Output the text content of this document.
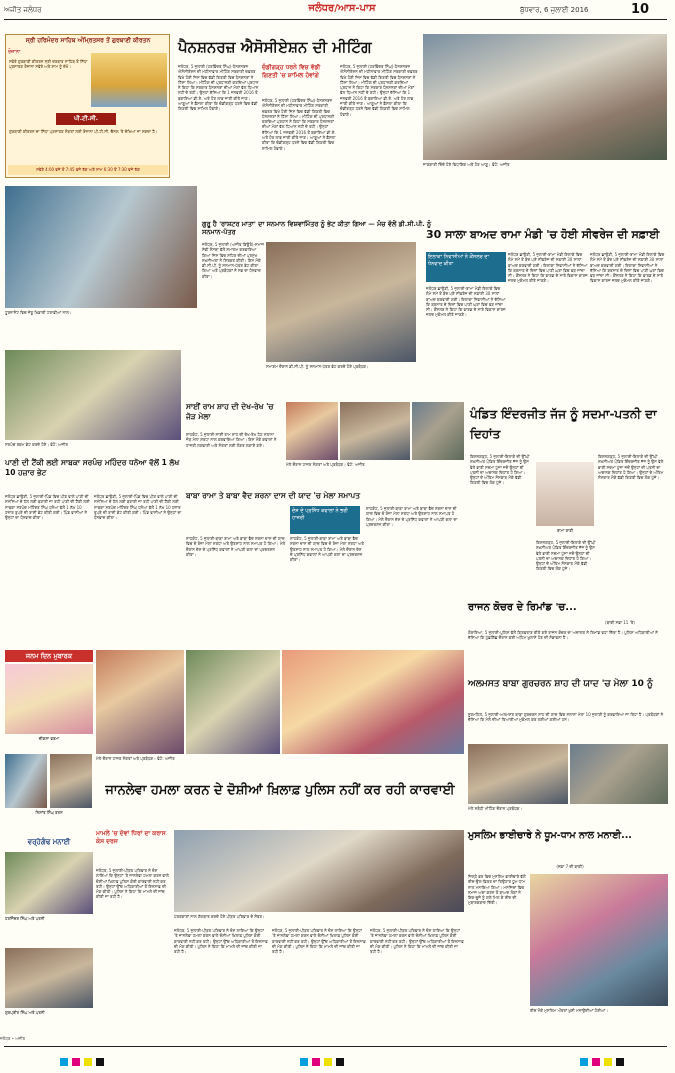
ਅਜੀਤ ਜਲੰਧਰ	ਜਲੰਧਰ/ਆਸ-ਪਾਸ	ਬੁੱਧਵਾਰ, 6 ਜੁਲਾਈ 2016	10
ਸ੍ਰੀ ਹਰਿਮੰਦਰ ਸਾਹਿਬ ਅੰਮ੍ਰਿਤਸਰ ਤੋਂ ਗੁਰਬਾਣੀ ਕੀਰਤਨ
ਰੋਜ਼ਾਨਾ
ਸਵੇਰੇ ਗੁਰਬਾਣੀ ਕੀਰਤਨ ਸ੍ਰੀ ਦਰਬਾਰ ਸਾਹਿਬ ਤੋਂ ਸਿੱਧਾ ਪ੍ਰਸਾਰਣ ਰੋਜ਼ਾਨਾ ਸਵੇਰੇ ਅਤੇ ਸ਼ਾਮ ਨੂੰ ਦੇਖੋ।
ਪੀ.ਟੀ.ਸੀ.
ਗੁਰਬਾਣੀ ਕੀਰਤਨ ਦਾ ਸਿੱਧਾ ਪ੍ਰਸਾਰਣ ਸੰਗਤਾਂ ਲਈ ਰੋਜ਼ਾਨਾ ਪੀ.ਟੀ.ਸੀ. ਚੈਨਲ 'ਤੇ ਦੇਖਿਆ ਜਾ ਸਕਦਾ ਹੈ।
ਸਵੇਰੇ 4:00 ਵਜੇ ਤੋਂ 7:45 ਵਜੇ ਤੱਕ ਅਤੇ ਸ਼ਾਮ 6:30 ਤੋਂ 7:30 ਵਜੇ ਤੱਕ
ਪੈਨਸ਼ਨਰਜ਼ ਐਸੋਸੀਏਸ਼ਨ ਦੀ ਮੀਟਿੰਗ
ਜਲੰਧਰ, 5 ਜੁਲਾਈ (ਹਰਵਿੰਦਰ ਸਿੰਘ)-ਪੈਨਸ਼ਨਰਜ਼ ਐਸੋਸੀਏਸ਼ਨ ਦੀ ਮਹੀਨਾਵਾਰ ਮੀਟਿੰਗ ਸਰਕਾਰੀ ਦਫ਼ਤਰ ਵਿਖੇ ਹੋਈ ਜਿਸ ਵਿਚ ਵੱਡੀ ਗਿਣਤੀ ਵਿਚ ਪੈਨਸ਼ਨਰਾਂ ਨੇ ਹਿੱਸਾ ਲਿਆ। ਮੀਟਿੰਗ ਦੀ ਪ੍ਰਧਾਨਗੀ ਕਰਦਿਆਂ ਪ੍ਰਧਾਨ ਨੇ ਕਿਹਾ ਕਿ ਸਰਕਾਰ ਪੈਨਸ਼ਨਰਾਂ ਦੀਆਂ ਮੰਗਾਂ ਵੱਲ ਧਿਆਨ ਨਹੀਂ ਦੇ ਰਹੀ। ਉਨ੍ਹਾਂ ਦੱਸਿਆ ਕਿ 1 ਜਨਵਰੀ 2016 ਤੋਂ ਬਕਾਇਆ ਡੀ.ਏ. ਅਤੇ ਹੋਰ ਲਾਭ ਜਾਰੀ ਕੀਤੇ ਜਾਣ। ਆਗੂਆਂ ਨੇ ਫ਼ੈਸਲਾ ਕੀਤਾ ਕਿ ਚੰਡੀਗੜ੍ਹ ਧਰਨੇ ਵਿਚ ਵੱਡੀ ਗਿਣਤੀ ਵਿਚ ਸ਼ਾਮਿਲ ਹੋਵਾਂਗੇ।
ਚੰਡੀਗੜ੍ਹ ਧਰਨੇ ਵਿਚ ਵੱਡੀ ਗਿਣਤੀ 'ਚ ਸ਼ਾਮਿਲ ਹੋਵਾਂਗੇ
ਜਲੰਧਰ, 5 ਜੁਲਾਈ (ਹਰਵਿੰਦਰ ਸਿੰਘ)-ਪੈਨਸ਼ਨਰਜ਼ ਐਸੋਸੀਏਸ਼ਨ ਦੀ ਮਹੀਨਾਵਾਰ ਮੀਟਿੰਗ ਸਰਕਾਰੀ ਦਫ਼ਤਰ ਵਿਖੇ ਹੋਈ ਜਿਸ ਵਿਚ ਵੱਡੀ ਗਿਣਤੀ ਵਿਚ ਪੈਨਸ਼ਨਰਾਂ ਨੇ ਹਿੱਸਾ ਲਿਆ। ਮੀਟਿੰਗ ਦੀ ਪ੍ਰਧਾਨਗੀ ਕਰਦਿਆਂ ਪ੍ਰਧਾਨ ਨੇ ਕਿਹਾ ਕਿ ਸਰਕਾਰ ਪੈਨਸ਼ਨਰਾਂ ਦੀਆਂ ਮੰਗਾਂ ਵੱਲ ਧਿਆਨ ਨਹੀਂ ਦੇ ਰਹੀ। ਉਨ੍ਹਾਂ ਦੱਸਿਆ ਕਿ 1 ਜਨਵਰੀ 2016 ਤੋਂ ਬਕਾਇਆ ਡੀ.ਏ. ਅਤੇ ਹੋਰ ਲਾਭ ਜਾਰੀ ਕੀਤੇ ਜਾਣ। ਆਗੂਆਂ ਨੇ ਫ਼ੈਸਲਾ ਕੀਤਾ ਕਿ ਚੰਡੀਗੜ੍ਹ ਧਰਨੇ ਵਿਚ ਵੱਡੀ ਗਿਣਤੀ ਵਿਚ ਸ਼ਾਮਿਲ ਹੋਵਾਂਗੇ।
ਜਲੰਧਰ, 5 ਜੁਲਾਈ (ਹਰਵਿੰਦਰ ਸਿੰਘ)-ਪੈਨਸ਼ਨਰਜ਼ ਐਸੋਸੀਏਸ਼ਨ ਦੀ ਮਹੀਨਾਵਾਰ ਮੀਟਿੰਗ ਸਰਕਾਰੀ ਦਫ਼ਤਰ ਵਿਖੇ ਹੋਈ ਜਿਸ ਵਿਚ ਵੱਡੀ ਗਿਣਤੀ ਵਿਚ ਪੈਨਸ਼ਨਰਾਂ ਨੇ ਹਿੱਸਾ ਲਿਆ। ਮੀਟਿੰਗ ਦੀ ਪ੍ਰਧਾਨਗੀ ਕਰਦਿਆਂ ਪ੍ਰਧਾਨ ਨੇ ਕਿਹਾ ਕਿ ਸਰਕਾਰ ਪੈਨਸ਼ਨਰਾਂ ਦੀਆਂ ਮੰਗਾਂ ਵੱਲ ਧਿਆਨ ਨਹੀਂ ਦੇ ਰਹੀ। ਉਨ੍ਹਾਂ ਦੱਸਿਆ ਕਿ 1 ਜਨਵਰੀ 2016 ਤੋਂ ਬਕਾਇਆ ਡੀ.ਏ. ਅਤੇ ਹੋਰ ਲਾਭ ਜਾਰੀ ਕੀਤੇ ਜਾਣ। ਆਗੂਆਂ ਨੇ ਫ਼ੈਸਲਾ ਕੀਤਾ ਕਿ ਚੰਡੀਗੜ੍ਹ ਧਰਨੇ ਵਿਚ ਵੱਡੀ ਗਿਣਤੀ ਵਿਚ ਸ਼ਾਮਿਲ ਹੋਵਾਂਗੇ।
ਜਾਣਕਾਰੀ ਦਿੰਦੇ ਹੋਏ ਵਿਧਾਇਕ ਅਤੇ ਹੋਰ ਆਗੂ। ਫੋਟੋ: ਅਜੀਤ
ਟੂਰਨਾਮੈਂਟ ਵਿਚ ਜੇਤੂ ਖਿਡਾਰੀ ਟਰਾਫ਼ੀਆਂ ਨਾਲ।
ਗੁਰੂ ਹੈ 'ਰਾਸ਼ਟਰ ਮਾਤਾ' ਦਾ ਸਨਮਾਨ ਵਿਸ਼ਵਾਮਿੱਤਰ ਨੂੰ ਭੇਟ ਕੀਤਾ ਗਿਆ — ਮੰਚ ਵੱਲੋਂ ਡੀ.ਸੀ.ਪੀ. ਨੂੰ ਸਨਮਾਨ-ਪੱਤਰ
ਜਲੰਧਰ, 5 ਜੁਲਾਈ (ਅਜੀਤ ਬਿਊਰੋ)-ਸਮਾਜ ਸੇਵੀ ਸੰਸਥਾ ਵੱਲੋਂ ਸਮਾਗਮ ਕਰਵਾਇਆ ਗਿਆ ਜਿਸ ਵਿਚ ਸ਼ਹਿਰ ਦੀਆਂ ਪ੍ਰਮੁੱਖ ਸ਼ਖ਼ਸੀਅਤਾਂ ਨੇ ਸ਼ਿਰਕਤ ਕੀਤੀ। ਇਸ ਮੌਕੇ ਡੀ.ਸੀ.ਪੀ. ਨੂੰ ਸਨਮਾਨ-ਪੱਤਰ ਭੇਟ ਕੀਤਾ ਗਿਆ ਅਤੇ ਪ੍ਰਬੰਧਕਾਂ ਨੇ ਸਭ ਦਾ ਧੰਨਵਾਦ ਕੀਤਾ।
ਸਮਾਗਮ ਦੌਰਾਨ ਡੀ.ਸੀ.ਪੀ. ਨੂੰ ਸਨਮਾਨ-ਪੱਤਰ ਭੇਟ ਕਰਦੇ ਹੋਏ ਪ੍ਰਬੰਧਕ।
30 ਸਾਲਾ ਬਾਅਦ ਰਾਮਾ ਮੰਡੀ 'ਚ ਹੋਈ ਸੀਵਰੇਜ ਦੀ ਸਫ਼ਾਈ
ਇਲਾਕਾ ਨਿਵਾਸੀਆਂ ਨੇ ਕੌਂਸਲਰ ਦਾ ਧੰਨਵਾਦ ਕੀਤਾ
ਜਲੰਧਰ ਛਾਉਣੀ, 5 ਜੁਲਾਈ-ਰਾਮਾ ਮੰਡੀ ਇਲਾਕੇ ਵਿਚ ਲੰਮੇ ਸਮੇਂ ਤੋਂ ਬੰਦ ਪਏ ਸੀਵਰੇਜ ਦੀ ਸਫ਼ਾਈ 30 ਸਾਲਾਂ ਬਾਅਦ ਕਰਵਾਈ ਗਈ। ਇਲਾਕਾ ਨਿਵਾਸੀਆਂ ਨੇ ਦੱਸਿਆ ਕਿ ਬਰਸਾਤ ਦੇ ਦਿਨਾਂ ਵਿਚ ਪਾਣੀ ਘਰਾਂ ਵਿਚ ਵੜ ਜਾਂਦਾ ਸੀ। ਕੌਂਸਲਰ ਨੇ ਕਿਹਾ ਕਿ ਵਾਰਡ ਦੇ ਸਾਰੇ ਵਿਕਾਸ ਕਾਰਜ ਜਲਦ ਮੁਕੰਮਲ ਕੀਤੇ ਜਾਣਗੇ।
ਜਲੰਧਰ ਛਾਉਣੀ, 5 ਜੁਲਾਈ-ਰਾਮਾ ਮੰਡੀ ਇਲਾਕੇ ਵਿਚ ਲੰਮੇ ਸਮੇਂ ਤੋਂ ਬੰਦ ਪਏ ਸੀਵਰੇਜ ਦੀ ਸਫ਼ਾਈ 30 ਸਾਲਾਂ ਬਾਅਦ ਕਰਵਾਈ ਗਈ। ਇਲਾਕਾ ਨਿਵਾਸੀਆਂ ਨੇ ਦੱਸਿਆ ਕਿ ਬਰਸਾਤ ਦੇ ਦਿਨਾਂ ਵਿਚ ਪਾਣੀ ਘਰਾਂ ਵਿਚ ਵੜ ਜਾਂਦਾ ਸੀ। ਕੌਂਸਲਰ ਨੇ ਕਿਹਾ ਕਿ ਵਾਰਡ ਦੇ ਸਾਰੇ ਵਿਕਾਸ ਕਾਰਜ ਜਲਦ ਮੁਕੰਮਲ ਕੀਤੇ ਜਾਣਗੇ।
ਜਲੰਧਰ ਛਾਉਣੀ, 5 ਜੁਲਾਈ-ਰਾਮਾ ਮੰਡੀ ਇਲਾਕੇ ਵਿਚ ਲੰਮੇ ਸਮੇਂ ਤੋਂ ਬੰਦ ਪਏ ਸੀਵਰੇਜ ਦੀ ਸਫ਼ਾਈ 30 ਸਾਲਾਂ ਬਾਅਦ ਕਰਵਾਈ ਗਈ। ਇਲਾਕਾ ਨਿਵਾਸੀਆਂ ਨੇ ਦੱਸਿਆ ਕਿ ਬਰਸਾਤ ਦੇ ਦਿਨਾਂ ਵਿਚ ਪਾਣੀ ਘਰਾਂ ਵਿਚ ਵੜ ਜਾਂਦਾ ਸੀ। ਕੌਂਸਲਰ ਨੇ ਕਿਹਾ ਕਿ ਵਾਰਡ ਦੇ ਸਾਰੇ ਵਿਕਾਸ ਕਾਰਜ ਜਲਦ ਮੁਕੰਮਲ ਕੀਤੇ ਜਾਣਗੇ।
ਸਰਪੰਚ ਰਕਮ ਭੇਟ ਕਰਦੇ ਹੋਏ। ਫੋਟੋ: ਅਜੀਤ
ਪਾਣੀ ਦੀ ਟੈਂਕੀ ਲਈ ਸਾਬਕਾ ਸਰਪੰਚ ਮਹਿੰਦਰ ਧਨੋਆ ਵੱਲੋਂ 1 ਲੱਖ 10 ਹਜ਼ਾਰ ਭੇਟ
ਜਲੰਧਰ ਛਾਉਣੀ, 5 ਜੁਲਾਈ-ਪਿੰਡ ਵਿਚ ਪੀਣ ਵਾਲੇ ਪਾਣੀ ਦੀ ਸਮੱਸਿਆ ਦੇ ਹੱਲ ਲਈ ਬਣਾਈ ਜਾ ਰਹੀ ਪਾਣੀ ਦੀ ਟੈਂਕੀ ਲਈ ਸਾਬਕਾ ਸਰਪੰਚ ਮਹਿੰਦਰ ਸਿੰਘ ਧਨੋਆ ਵੱਲੋਂ 1 ਲੱਖ 10 ਹਜ਼ਾਰ ਰੁਪਏ ਦੀ ਰਾਸ਼ੀ ਭੇਟ ਕੀਤੀ ਗਈ। ਪਿੰਡ ਵਾਸੀਆਂ ਨੇ ਉਨ੍ਹਾਂ ਦਾ ਧੰਨਵਾਦ ਕੀਤਾ।
ਜਲੰਧਰ ਛਾਉਣੀ, 5 ਜੁਲਾਈ-ਪਿੰਡ ਵਿਚ ਪੀਣ ਵਾਲੇ ਪਾਣੀ ਦੀ ਸਮੱਸਿਆ ਦੇ ਹੱਲ ਲਈ ਬਣਾਈ ਜਾ ਰਹੀ ਪਾਣੀ ਦੀ ਟੈਂਕੀ ਲਈ ਸਾਬਕਾ ਸਰਪੰਚ ਮਹਿੰਦਰ ਸਿੰਘ ਧਨੋਆ ਵੱਲੋਂ 1 ਲੱਖ 10 ਹਜ਼ਾਰ ਰੁਪਏ ਦੀ ਰਾਸ਼ੀ ਭੇਟ ਕੀਤੀ ਗਈ। ਪਿੰਡ ਵਾਸੀਆਂ ਨੇ ਉਨ੍ਹਾਂ ਦਾ ਧੰਨਵਾਦ ਕੀਤਾ।
ਸਾਈਂ ਰਾਮ ਸ਼ਾਹ ਦੀ ਦੇਖ-ਰੇਖ 'ਚ ਜੋੜ ਮੇਲਾ
ਸ਼ਾਹਕੋਟ, 5 ਜੁਲਾਈ-ਸਾਈਂ ਰਾਮ ਸ਼ਾਹ ਦੀ ਦੇਖ-ਰੇਖ ਹੇਠ ਸਲਾਨਾ ਜੋੜ ਮੇਲਾ ਸ਼ਰਧਾ ਨਾਲ ਕਰਵਾਇਆ ਗਿਆ। ਇਸ ਮੌਕੇ ਕਵਾਲਾਂ ਨੇ ਹਾਜ਼ਰੀ ਲਗਵਾਈ ਅਤੇ ਸੰਗਤਾਂ ਲਈ ਲੰਗਰ ਲਗਾਏ ਗਏ।
ਮੇਲੇ ਦੌਰਾਨ ਹਾਜ਼ਰ ਸੰਗਤਾਂ ਅਤੇ ਪ੍ਰਬੰਧਕ। ਫੋਟੋ: ਅਜੀਤ
ਬਾਬਾ ਰਾਮਾ ਤੇ ਬਾਬਾ ਵੈਦ ਸ਼ਰਨਾ ਦਾਸ ਦੀ ਯਾਦ 'ਚ ਮੇਲਾ ਸਮਾਪਤ
ਦੇਸ਼ ਦੇ ਪ੍ਰਸਿੱਧ ਕਵਾਲਾਂ ਨੇ ਭਰੀ ਹਾਜ਼ਰੀ
ਸ਼ਾਹਕੋਟ, 5 ਜੁਲਾਈ-ਬਾਬਾ ਰਾਮਾ ਅਤੇ ਬਾਬਾ ਵੈਦ ਸ਼ਰਨਾ ਦਾਸ ਦੀ ਯਾਦ ਵਿਚ ਦੋ ਰੋਜ਼ਾ ਮੇਲਾ ਸ਼ਰਧਾ ਅਤੇ ਉਤਸ਼ਾਹ ਨਾਲ ਸਮਾਪਤ ਹੋ ਗਿਆ। ਮੇਲੇ ਦੌਰਾਨ ਦੇਸ਼ ਦੇ ਪ੍ਰਸਿੱਧ ਕਵਾਲਾਂ ਨੇ ਆਪਣੀ ਕਲਾ ਦਾ ਪ੍ਰਦਰਸ਼ਨ ਕੀਤਾ।
ਸ਼ਾਹਕੋਟ, 5 ਜੁਲਾਈ-ਬਾਬਾ ਰਾਮਾ ਅਤੇ ਬਾਬਾ ਵੈਦ ਸ਼ਰਨਾ ਦਾਸ ਦੀ ਯਾਦ ਵਿਚ ਦੋ ਰੋਜ਼ਾ ਮੇਲਾ ਸ਼ਰਧਾ ਅਤੇ ਉਤਸ਼ਾਹ ਨਾਲ ਸਮਾਪਤ ਹੋ ਗਿਆ। ਮੇਲੇ ਦੌਰਾਨ ਦੇਸ਼ ਦੇ ਪ੍ਰਸਿੱਧ ਕਵਾਲਾਂ ਨੇ ਆਪਣੀ ਕਲਾ ਦਾ ਪ੍ਰਦਰਸ਼ਨ ਕੀਤਾ।
ਸ਼ਾਹਕੋਟ, 5 ਜੁਲਾਈ-ਬਾਬਾ ਰਾਮਾ ਅਤੇ ਬਾਬਾ ਵੈਦ ਸ਼ਰਨਾ ਦਾਸ ਦੀ ਯਾਦ ਵਿਚ ਦੋ ਰੋਜ਼ਾ ਮੇਲਾ ਸ਼ਰਧਾ ਅਤੇ ਉਤਸ਼ਾਹ ਨਾਲ ਸਮਾਪਤ ਹੋ ਗਿਆ। ਮੇਲੇ ਦੌਰਾਨ ਦੇਸ਼ ਦੇ ਪ੍ਰਸਿੱਧ ਕਵਾਲਾਂ ਨੇ ਆਪਣੀ ਕਲਾ ਦਾ ਪ੍ਰਦਰਸ਼ਨ ਕੀਤਾ।
ਪੰਡਿਤ ਇੰਦਰਜੀਤ ਜੱਜ ਨੂੰ ਸਦਮਾ-ਪਤਨੀ ਦਾ ਦਿਹਾਂਤ
ਕਿਸ਼ਨਗੜ੍ਹ, 5 ਜੁਲਾਈ-ਇਲਾਕੇ ਦੀ ਉੱਘੀ ਸ਼ਖ਼ਸੀਅਤ ਪੰਡਿਤ ਇੰਦਰਜੀਤ ਜੱਜ ਨੂੰ ਉਸ ਵੇਲੇ ਭਾਰੀ ਸਦਮਾ ਪੁੱਜਾ ਜਦੋਂ ਉਨ੍ਹਾਂ ਦੀ ਪਤਨੀ ਦਾ ਅਚਾਨਕ ਦਿਹਾਂਤ ਹੋ ਗਿਆ। ਉਨ੍ਹਾਂ ਦੇ ਅੰਤਿਮ ਸੰਸਕਾਰ ਮੌਕੇ ਵੱਡੀ ਗਿਣਤੀ ਵਿਚ ਲੋਕ ਪੁੱਜੇ।
ਰਾਮਾ ਰਾਣੀ
ਕਿਸ਼ਨਗੜ੍ਹ, 5 ਜੁਲਾਈ-ਇਲਾਕੇ ਦੀ ਉੱਘੀ ਸ਼ਖ਼ਸੀਅਤ ਪੰਡਿਤ ਇੰਦਰਜੀਤ ਜੱਜ ਨੂੰ ਉਸ ਵੇਲੇ ਭਾਰੀ ਸਦਮਾ ਪੁੱਜਾ ਜਦੋਂ ਉਨ੍ਹਾਂ ਦੀ ਪਤਨੀ ਦਾ ਅਚਾਨਕ ਦਿਹਾਂਤ ਹੋ ਗਿਆ। ਉਨ੍ਹਾਂ ਦੇ ਅੰਤਿਮ ਸੰਸਕਾਰ ਮੌਕੇ ਵੱਡੀ ਗਿਣਤੀ ਵਿਚ ਲੋਕ ਪੁੱਜੇ।
ਕਿਸ਼ਨਗੜ੍ਹ, 5 ਜੁਲਾਈ-ਇਲਾਕੇ ਦੀ ਉੱਘੀ ਸ਼ਖ਼ਸੀਅਤ ਪੰਡਿਤ ਇੰਦਰਜੀਤ ਜੱਜ ਨੂੰ ਉਸ ਵੇਲੇ ਭਾਰੀ ਸਦਮਾ ਪੁੱਜਾ ਜਦੋਂ ਉਨ੍ਹਾਂ ਦੀ ਪਤਨੀ ਦਾ ਅਚਾਨਕ ਦਿਹਾਂਤ ਹੋ ਗਿਆ। ਉਨ੍ਹਾਂ ਦੇ ਅੰਤਿਮ ਸੰਸਕਾਰ ਮੌਕੇ ਵੱਡੀ ਗਿਣਤੀ ਵਿਚ ਲੋਕ ਪੁੱਜੇ।
ਰਾਜਨ ਕੋਚਰ ਦੇ ਰਿਮਾਂਡ 'ਚ...
(ਬਾਕੀ ਸਫ਼ਾ 11 'ਤੇ)
ਗੋਰਾਇਆ, 5 ਜੁਲਾਈ-ਪੁਲਿਸ ਵੱਲੋਂ ਗ੍ਰਿਫ਼ਤਾਰ ਕੀਤੇ ਗਏ ਰਾਜਨ ਕੋਚਰ ਦਾ ਅਦਾਲਤ ਨੇ ਰਿਮਾਂਡ ਵਧਾ ਦਿੱਤਾ ਹੈ। ਪੁਲਿਸ ਅਧਿਕਾਰੀਆਂ ਨੇ ਦੱਸਿਆ ਕਿ ਪੁੱਛਗਿੱਛ ਦੌਰਾਨ ਕਈ ਅਹਿਮ ਖ਼ੁਲਾਸੇ ਹੋਣ ਦੀ ਸੰਭਾਵਨਾ ਹੈ।
ਜਨਮ ਦਿਨ ਮੁਬਾਰਕ
ਦੀਕਸ਼ਾ ਵਰਮਾ
ਨਿਸ਼ਾਂਤ ਸਿੰਘ ਰਤਨ
ਵਰ੍ਹੇਗੰਢ ਮਨਾਈ
ਹਰਜਿੰਦਰ ਸਿੰਘ ਅਤੇ ਪਤਨੀ
ਗੁਰਪ੍ਰੀਤ ਸਿੰਘ ਅਤੇ ਪਤਨੀ
ਮੇਲੇ ਦੌਰਾਨ ਹਾਜ਼ਰ ਸੰਗਤਾਂ ਅਤੇ ਪ੍ਰਬੰਧਕ। ਫੋਟੋ: ਅਜੀਤ
ਜਾਨਲੇਵਾ ਹਮਲਾ ਕਰਨ ਦੇ ਦੋਸ਼ੀਆਂ ਖ਼ਿਲਾਫ਼ ਪੁਲਿਸ ਨਹੀਂ ਕਰ ਰਹੀ ਕਾਰਵਾਈ
ਮਾਮਲੇ 'ਚ ਦੋਵਾਂ ਧਿਰਾਂ ਦਾ ਕਰਾਸ ਕੇਸ ਦਰਜ
ਜਲੰਧਰ, 5 ਜੁਲਾਈ-ਪੀੜਤ ਪਰਿਵਾਰ ਨੇ ਦੋਸ਼ ਲਾਇਆ ਕਿ ਉਨ੍ਹਾਂ 'ਤੇ ਜਾਨਲੇਵਾ ਹਮਲਾ ਕਰਨ ਵਾਲੇ ਦੋਸ਼ੀਆਂ ਖ਼ਿਲਾਫ਼ ਪੁਲਿਸ ਕੋਈ ਕਾਰਵਾਈ ਨਹੀਂ ਕਰ ਰਹੀ। ਉਨ੍ਹਾਂ ਉੱਚ ਅਧਿਕਾਰੀਆਂ ਤੋਂ ਇਨਸਾਫ਼ ਦੀ ਮੰਗ ਕੀਤੀ। ਪੁਲਿਸ ਨੇ ਕਿਹਾ ਕਿ ਮਾਮਲੇ ਦੀ ਜਾਂਚ ਕੀਤੀ ਜਾ ਰਹੀ ਹੈ।
ਪੱਤਰਕਾਰਾਂ ਨਾਲ ਗੱਲਬਾਤ ਕਰਦੇ ਹੋਏ ਪੀੜਤ ਪਰਿਵਾਰ ਦੇ ਮੈਂਬਰ।
ਜਲੰਧਰ, 5 ਜੁਲਾਈ-ਪੀੜਤ ਪਰਿਵਾਰ ਨੇ ਦੋਸ਼ ਲਾਇਆ ਕਿ ਉਨ੍ਹਾਂ 'ਤੇ ਜਾਨਲੇਵਾ ਹਮਲਾ ਕਰਨ ਵਾਲੇ ਦੋਸ਼ੀਆਂ ਖ਼ਿਲਾਫ਼ ਪੁਲਿਸ ਕੋਈ ਕਾਰਵਾਈ ਨਹੀਂ ਕਰ ਰਹੀ। ਉਨ੍ਹਾਂ ਉੱਚ ਅਧਿਕਾਰੀਆਂ ਤੋਂ ਇਨਸਾਫ਼ ਦੀ ਮੰਗ ਕੀਤੀ। ਪੁਲਿਸ ਨੇ ਕਿਹਾ ਕਿ ਮਾਮਲੇ ਦੀ ਜਾਂਚ ਕੀਤੀ ਜਾ ਰਹੀ ਹੈ।
ਜਲੰਧਰ, 5 ਜੁਲਾਈ-ਪੀੜਤ ਪਰਿਵਾਰ ਨੇ ਦੋਸ਼ ਲਾਇਆ ਕਿ ਉਨ੍ਹਾਂ 'ਤੇ ਜਾਨਲੇਵਾ ਹਮਲਾ ਕਰਨ ਵਾਲੇ ਦੋਸ਼ੀਆਂ ਖ਼ਿਲਾਫ਼ ਪੁਲਿਸ ਕੋਈ ਕਾਰਵਾਈ ਨਹੀਂ ਕਰ ਰਹੀ। ਉਨ੍ਹਾਂ ਉੱਚ ਅਧਿਕਾਰੀਆਂ ਤੋਂ ਇਨਸਾਫ਼ ਦੀ ਮੰਗ ਕੀਤੀ। ਪੁਲਿਸ ਨੇ ਕਿਹਾ ਕਿ ਮਾਮਲੇ ਦੀ ਜਾਂਚ ਕੀਤੀ ਜਾ ਰਹੀ ਹੈ।
ਜਲੰਧਰ, 5 ਜੁਲਾਈ-ਪੀੜਤ ਪਰਿਵਾਰ ਨੇ ਦੋਸ਼ ਲਾਇਆ ਕਿ ਉਨ੍ਹਾਂ 'ਤੇ ਜਾਨਲੇਵਾ ਹਮਲਾ ਕਰਨ ਵਾਲੇ ਦੋਸ਼ੀਆਂ ਖ਼ਿਲਾਫ਼ ਪੁਲਿਸ ਕੋਈ ਕਾਰਵਾਈ ਨਹੀਂ ਕਰ ਰਹੀ। ਉਨ੍ਹਾਂ ਉੱਚ ਅਧਿਕਾਰੀਆਂ ਤੋਂ ਇਨਸਾਫ਼ ਦੀ ਮੰਗ ਕੀਤੀ। ਪੁਲਿਸ ਨੇ ਕਿਹਾ ਕਿ ਮਾਮਲੇ ਦੀ ਜਾਂਚ ਕੀਤੀ ਜਾ ਰਹੀ ਹੈ।
ਅਲਮਸਤ ਬਾਬਾ ਗੁਰਚਰਨ ਸ਼ਾਹ ਦੀ ਯਾਦ 'ਚ ਮੇਲਾ 10 ਨੂੰ
ਨੂਰਮਹਿਲ, 5 ਜੁਲਾਈ-ਅਲਮਸਤ ਬਾਬਾ ਗੁਰਚਰਨ ਸ਼ਾਹ ਦੀ ਯਾਦ ਵਿਚ ਸਲਾਨਾ ਮੇਲਾ 10 ਜੁਲਾਈ ਨੂੰ ਕਰਵਾਇਆ ਜਾ ਰਿਹਾ ਹੈ। ਪ੍ਰਬੰਧਕਾਂ ਨੇ ਦੱਸਿਆ ਕਿ ਮੇਲੇ ਦੀਆਂ ਤਿਆਰੀਆਂ ਮੁਕੰਮਲ ਕਰ ਲਈਆਂ ਗਈਆਂ ਹਨ।
ਮੇਲੇ ਸਬੰਧੀ ਮੀਟਿੰਗ ਦੌਰਾਨ ਪ੍ਰਬੰਧਕ।
ਮੁਸਲਿਮ ਭਾਈਚਾਰੇ ਨੇ ਧੂਮ-ਧਾਮ ਨਾਲ ਮਨਾਈ...
(ਸਫ਼ਾ 7 ਦੀ ਬਾਕੀ)
ਜ਼ਿਲ੍ਹੇ ਭਰ ਵਿਚ ਮੁਸਲਿਮ ਭਾਈਚਾਰੇ ਵੱਲੋਂ ਈਦ-ਉਲ-ਫ਼ਿਤਰ ਦਾ ਤਿਉਹਾਰ ਧੂਮ-ਧਾਮ ਨਾਲ ਮਨਾਇਆ ਗਿਆ। ਮਸਜਿਦਾਂ ਵਿਚ ਨਮਾਜ਼ ਅਦਾ ਕਰਨ ਤੋਂ ਬਾਅਦ ਲੋਕਾਂ ਨੇ ਇਕ-ਦੂਜੇ ਨੂੰ ਗਲੇ ਮਿਲ ਕੇ ਈਦ ਦੀ ਮੁਬਾਰਕਬਾਦ ਦਿੱਤੀ।
ਈਦ ਮੌਕੇ ਮੁਸਲਿਮ ਔਰਤਾਂ ਖ਼ੁਸ਼ੀ ਮਨਾਉਂਦੀਆਂ ਹੋਈਆਂ।
ਜਲੰਧਰ • ਅਜੀਤ
